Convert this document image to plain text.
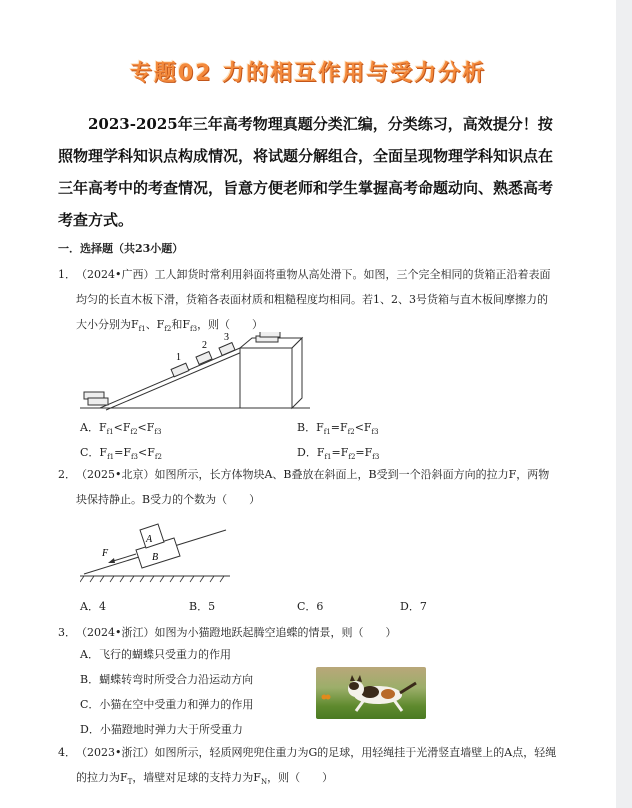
专题02 力的相互作用与受力分析
2023-2025年三年高考物理真题分类汇编，分类练习，高效提分！按照物理学科知识点构成情况，将试题分解组合，全面呈现物理学科知识点在三年高考中的考查情况，旨意方便老师和学生掌握高考命题动向、熟悉高考考查方式。
一．选择题（共23小题）
1． （2024•广西）工人卸货时常利用斜面将重物从高处滑下。如图，三个完全相同的货箱正沿着表面均匀的长直木板下滑，货箱各表面材质和粗糙程度均相同。若1、2、3号货箱与直木板间摩擦力的大小分别为$F_{f1}$、$F_{f2}$和$F_{f3}$，则（　　）
1
2
3
A．$F_{f1}<F_{f2}<F_{f3}$	B．$F_{f1}=F_{f2}<F_{f3}$
C．$F_{f1}=F_{f3}<F_{f2}$	D．$F_{f1}=F_{f2}=F_{f3}$
2． （2025•北京）如图所示，长方体物块A、B叠放在斜面上，B受到一个沿斜面方向的拉力F，两物块保持静止。B受力的个数为（　　）
A
B
F
A．4	B．5	C．6	D．7
3． （2024•浙江）如图为小猫蹬地跃起腾空追蝶的情景，则（　　）
A．飞行的蝴蝶只受重力的作用
B．蝴蝶转弯时所受合力沿运动方向
C．小猫在空中受重力和弹力的作用
D．小猫蹬地时弹力大于所受重力
4． （2023•浙江）如图所示，轻质网兜兜住重力为G的足球，用轻绳挂于光滑竖直墙壁上的A点，轻绳的拉力为$F_T$，墙壁对足球的支持力为$F_N$，则（　　）
